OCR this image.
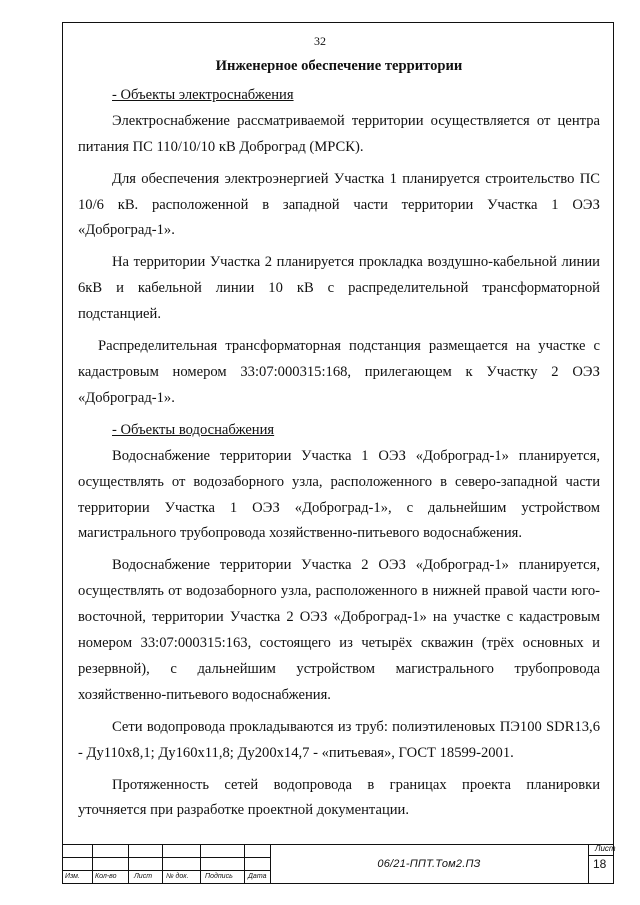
32

Инженерное обеспечение территории

- Объекты электроснабжения

Электроснабжение рассматриваемой территории осуществляется от центра питания ПС 110/10/10 кВ Доброград (МРСК).

Для обеспечения электроэнергией Участка 1 планируется строительство ПС 10/6 кВ. расположенной в западной части территории Участка 1 ОЭЗ «Доброград-1».

На территории Участка 2 планируется прокладка воздушно-кабельной линии 6кВ и кабельной линии 10 кВ с распределительной трансформаторной подстанцией.

Распределительная трансформаторная подстанция размещается на участке с кадастровым номером 33:07:000315:168, прилегающем к Участку 2 ОЭЗ «Доброград-1».

- Объекты водоснабжения

Водоснабжение территории Участка 1 ОЭЗ «Доброград-1» планируется, осуществлять от водозаборного узла, расположенного в северо-западной части территории Участка 1 ОЭЗ «Доброград-1», с дальнейшим устройством магистрального трубопровода хозяйственно-питьевого водоснабжения.

Водоснабжение территории Участка 2 ОЭЗ «Доброград-1» планируется, осуществлять от водозаборного узла, расположенного в нижней правой части юго-восточной, территории Участка 2 ОЭЗ «Доброград-1» на участке с кадастровым номером 33:07:000315:163, состоящего из четырёх скважин (трёх основных и резервной), с дальнейшим устройством магистрального трубопровода хозяйственно-питьевого водоснабжения.

Сети водопровода прокладываются из труб: полиэтиленовых ПЭ100 SDR13,6 - Ду110х8,1; Ду160х11,8; Ду200х14,7 - «питьевая», ГОСТ 18599-2001.

Протяженность сетей водопровода в границах проекта планировки уточняется при разработке проектной документации.

Изм. Кол-во Лист № док. Подпись Дата
06/21-ППТ.Том2.ПЗ
Лист
18
